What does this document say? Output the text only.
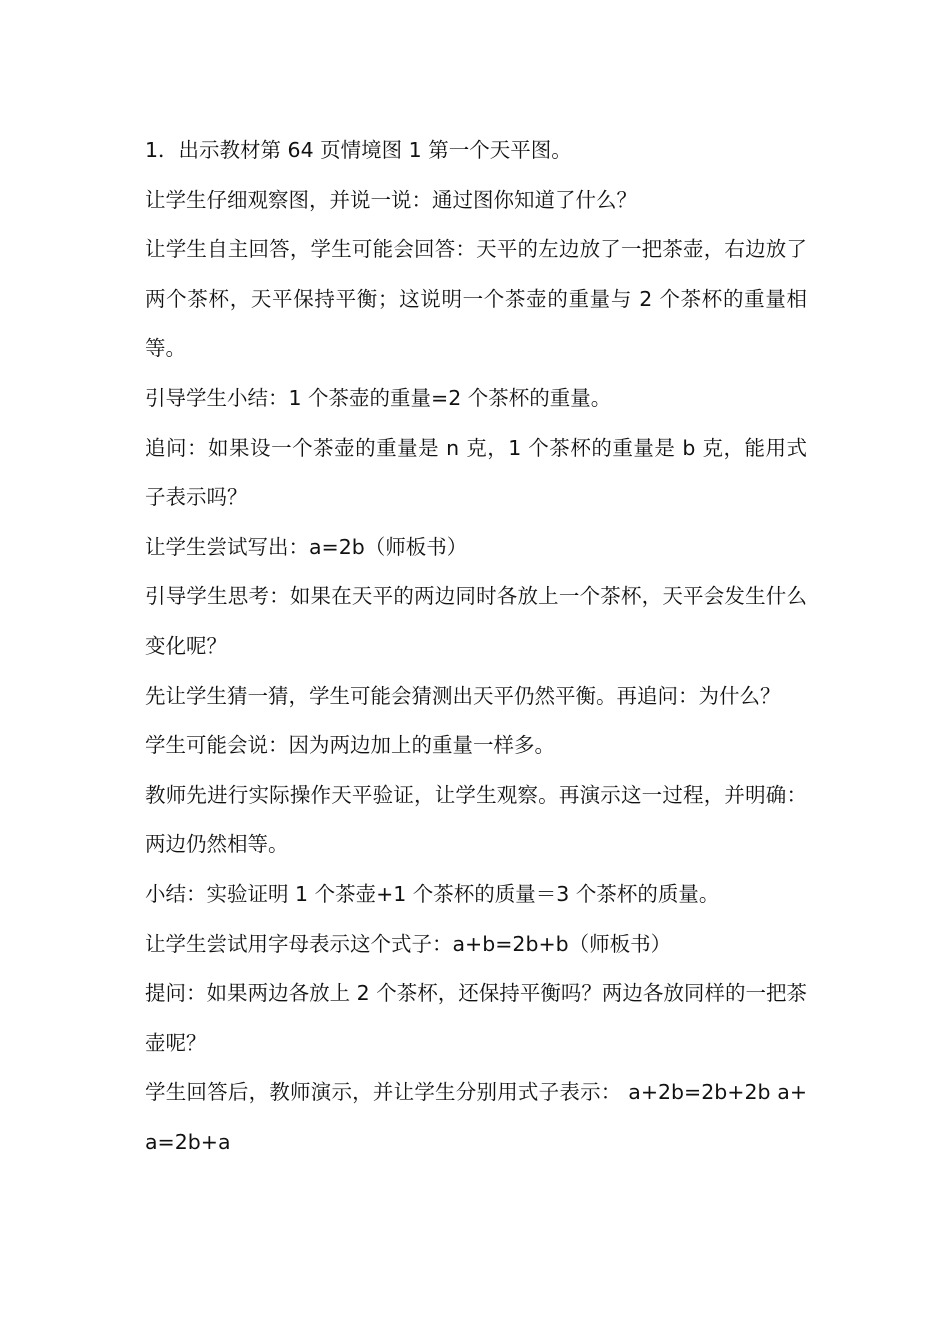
1．出示教材第 64 页情境图 1 第一个天平图。

让学生仔细观察图，并说一说：通过图你知道了什么？

让学生自主回答，学生可能会回答：天平的左边放了一把茶壶，右边放了两个茶杯，天平保持平衡；这说明一个茶壶的重量与 2 个茶杯的重量相等。

引导学生小结：1 个茶壶的重量=2 个茶杯的重量。

追问：如果设一个茶壶的重量是 n 克，1 个茶杯的重量是 b 克，能用式子表示吗？

让学生尝试写出：a=2b（师板书）

引导学生思考：如果在天平的两边同时各放上一个茶杯，天平会发生什么变化呢？

先让学生猜一猜，学生可能会猜测出天平仍然平衡。再追问：为什么？

学生可能会说：因为两边加上的重量一样多。

教师先进行实际操作天平验证，让学生观察。再演示这一过程，并明确：两边仍然相等。

小结：实验证明 1 个茶壶+1 个茶杯的质量＝3 个茶杯的质量。

让学生尝试用字母表示这个式子：a+b=2b+b（师板书）

提问：如果两边各放上 2 个茶杯，还保持平衡吗？两边各放同样的一把茶壶呢？

学生回答后，教师演示，并让学生分别用式子表示： a+2b=2b+2b a+a=2b+a
